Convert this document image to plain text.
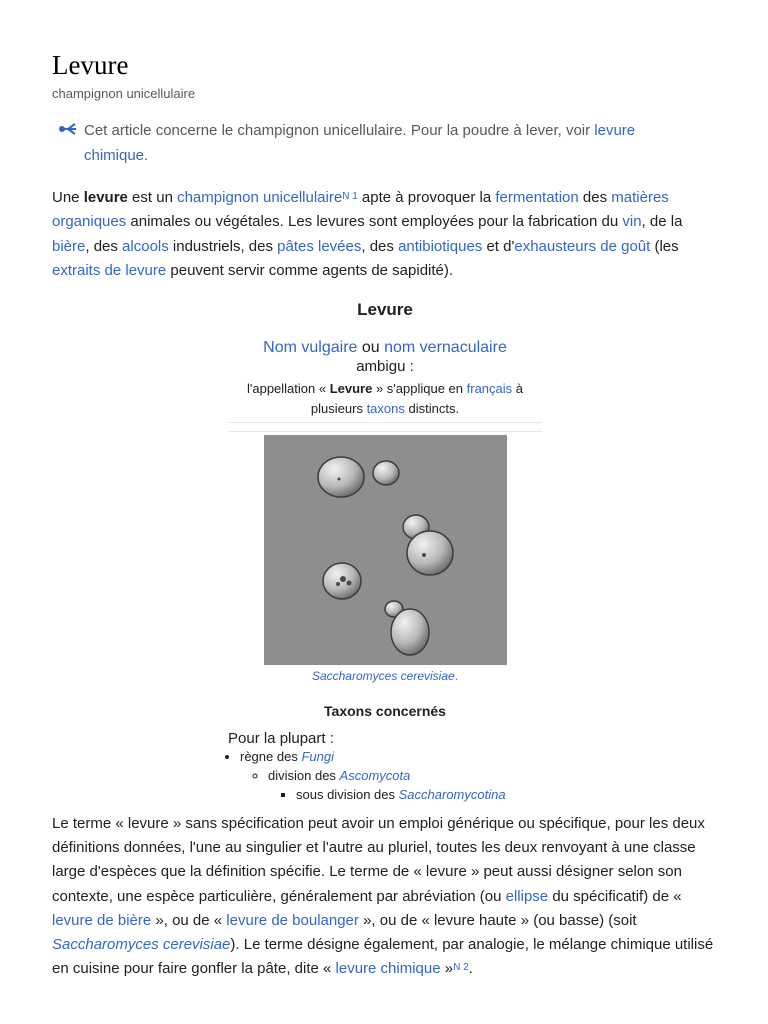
Levure
champignon unicellulaire
Cet article concerne le champignon unicellulaire. Pour la poudre à lever, voir levure chimique.

Une levure est un champignon unicellulaire$^{N 1}$ apte à provoquer la fermentation des matières organiques animales ou végétales. Les levures sont employées pour la fabrication du vin, de la bière, des alcools industriels, des pâtes levées, des antibiotiques et d'exhausteurs de goût (les extraits de levure peuvent servir comme agents de sapidité).

Levure
Nom vulgaire ou nom vernaculaire
ambigu :
l'appellation « Levure » s'applique en français à plusieurs taxons distincts.
Saccharomyces cerevisiae.
Taxons concernés
Pour la plupart :
• règne des Fungi
◦ division des Ascomycota
▪ sous division des Saccharomycotina

Le terme « levure » sans spécification peut avoir un emploi générique ou spécifique, pour les deux définitions données, l'une au singulier et l'autre au pluriel, toutes les deux renvoyant à une classe large d'espèces que la définition spécifie. Le terme de « levure » peut aussi désigner selon son contexte, une espèce particulière, généralement par abréviation (ou ellipse du spécificatif) de « levure de bière », ou de « levure de boulanger », ou de « levure haute » (ou basse) (soit Saccharomyces cerevisiae). Le terme désigne également, par analogie, le mélange chimique utilisé en cuisine pour faire gonfler la pâte, dite « levure chimique »$^{N 2}$.
